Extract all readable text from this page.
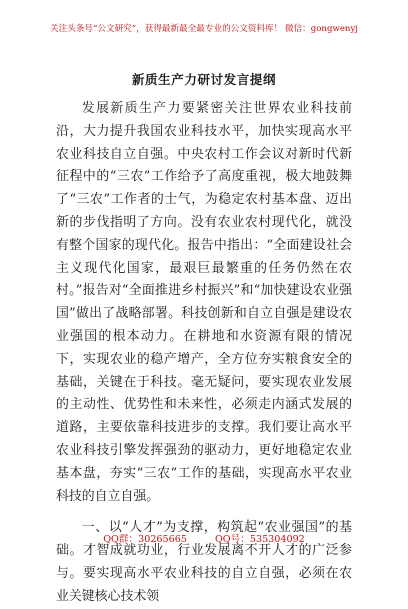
关注头条号“公文研究”，获得最新最全最专业的公文资料库！ 微信：gongwenyj
新质生产力研讨发言提纲

发展新质生产力要紧密关注世界农业科技前沿，大力提升我国农业科技水平，加快实现高水平农业科技自立自强。中央农村工作会议对新时代新征程中的“三农”工作给予了高度重视，极大地鼓舞了“三农”工作者的士气，为稳定农村基本盘、迈出新的步伐指明了方向。没有农业农村现代化，就没有整个国家的现代化。报告中指出：“全面建设社会主义现代化国家，最艰巨最繁重的任务仍然在农村。”报告对“全面推进乡村振兴”和“加快建设农业强国”做出了战略部署。科技创新和自立自强是建设农业强国的根本动力。在耕地和水资源有限的情况下，实现农业的稳产增产，全方位夯实粮食安全的基础，关键在于科技。毫无疑问，要实现农业发展的主动性、优势性和未来性，必须走内涵式发展的道路，主要依靠科技进步的支撑。我们要让高水平农业科技引擎发挥强劲的驱动力，更好地稳定农业基本盘，夯实“三农”工作的基础，实现高水平农业科技的自立自强。

一、以“人才”为支撑，构筑起“农业强国”的基础。才智成就功业，行业发展离不开人才的广泛参与。要实现高水平农业科技的自立自强，必须在农业关键核心技术领

QQ群：30265665	QQ号：535304092
